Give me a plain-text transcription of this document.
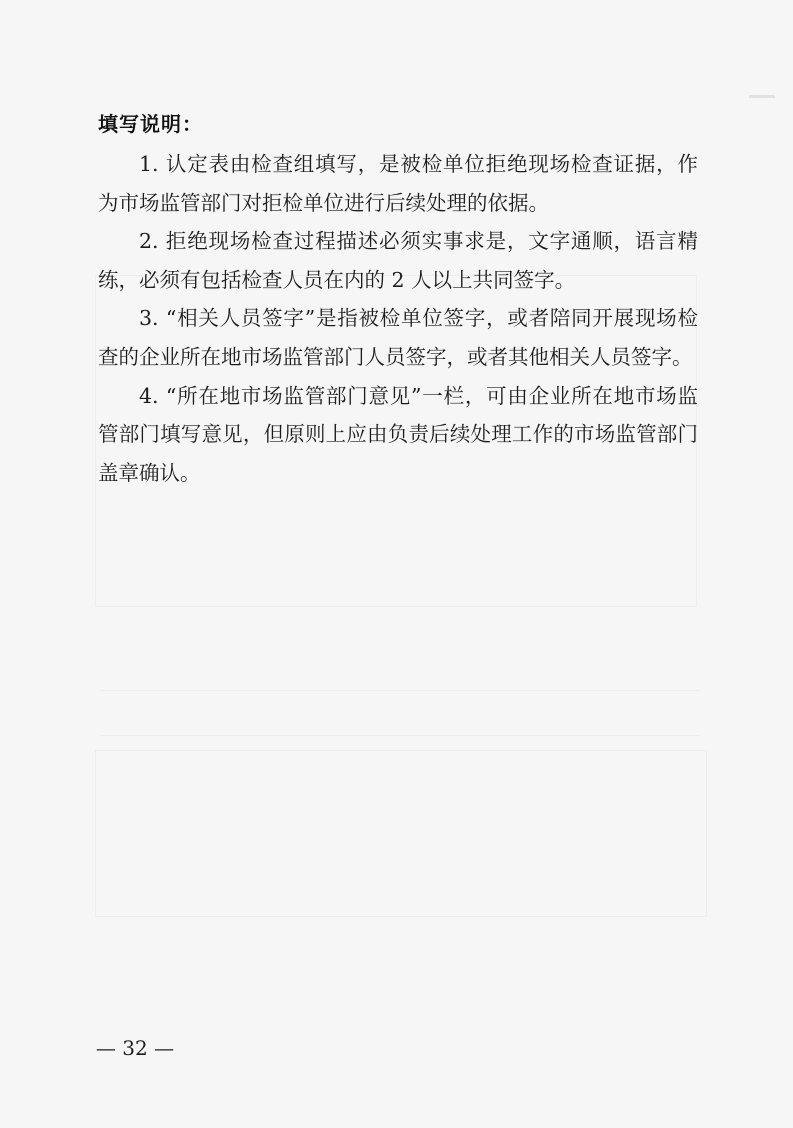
填写说明：

1. 认定表由检查组填写，是被检单位拒绝现场检查证据，作为市场监管部门对拒检单位进行后续处理的依据。

2. 拒绝现场检查过程描述必须实事求是，文字通顺，语言精练，必须有包括检查人员在内的 2 人以上共同签字。

3. “相关人员签字”是指被检单位签字，或者陪同开展现场检查的企业所在地市场监管部门人员签字，或者其他相关人员签字。

4. “所在地市场监管部门意见”一栏，可由企业所在地市场监管部门填写意见，但原则上应由负责后续处理工作的市场监管部门盖章确认。

— 32 —
